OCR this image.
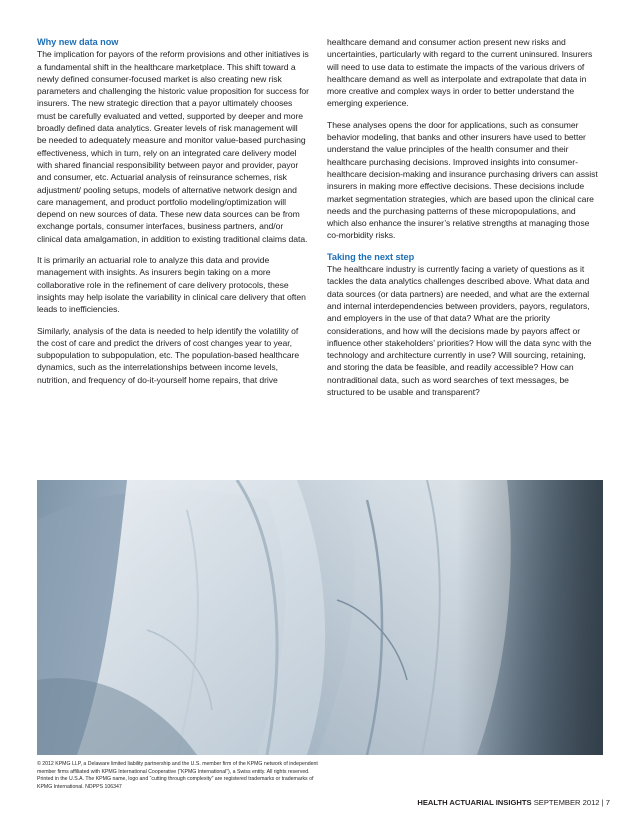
Why new data now

The implication for payors of the reform provisions and other initiatives is a fundamental shift in the healthcare marketplace. This shift toward a newly defined consumer-focused market is also creating new risk parameters and challenging the historic value proposition for success for insurers. The new strategic direction that a payor ultimately chooses must be carefully evaluated and vetted, supported by deeper and more broadly defined data analytics. Greater levels of risk management will be needed to adequately measure and monitor value-based purchasing effectiveness, which in turn, rely on an integrated care delivery model with shared financial responsibility between payor and provider, payor and consumer, etc. Actuarial analysis of reinsurance schemes, risk adjustment/ pooling setups, models of alternative network design and care management, and product portfolio modeling/optimization will depend on new sources of data. These new data sources can be from exchange portals, consumer interfaces, business partners, and/or clinical data amalgamation, in addition to existing traditional claims data.

It is primarily an actuarial role to analyze this data and provide management with insights. As insurers begin taking on a more collaborative role in the refinement of care delivery protocols, these insights may help isolate the variability in clinical care delivery that often leads to inefficiencies.

Similarly, analysis of the data is needed to help identify the volatility of the cost of care and predict the drivers of cost changes year to year, subpopulation to subpopulation, etc. The population-based healthcare dynamics, such as the interrelationships between income levels, nutrition, and frequency of do-it-yourself home repairs, that drive

healthcare demand and consumer action present new risks and uncertainties, particularly with regard to the current uninsured. Insurers will need to use data to estimate the impacts of the various drivers of healthcare demand as well as interpolate and extrapolate that data in more creative and complex ways in order to better understand the emerging experience.

These analyses opens the door for applications, such as consumer behavior modeling, that banks and other insurers have used to better understand the value principles of the health consumer and their healthcare purchasing decisions. Improved insights into consumer-healthcare decision-making and insurance purchasing drivers can assist insurers in making more effective decisions. These decisions include market segmentation strategies, which are based upon the clinical care needs and the purchasing patterns of these micropopulations, and which also enhance the insurer’s relative strengths at managing those co-morbidity risks.

Taking the next step

The healthcare industry is currently facing a variety of questions as it tackles the data analytics challenges described above. What data and data sources (or data partners) are needed, and what are the external and internal interdependencies between providers, payors, regulators, and employers in the use of that data? What are the priority considerations, and how will the decisions made by payors affect or influence other stakeholders’ priorities? How will the data sync with the technology and architecture currently in use? Will sourcing, retaining, and storing the data be feasible, and readily accessible? How can nontraditional data, such as word searches of text messages, be structured to be usable and transparent?

© 2012 KPMG LLP, a Delaware limited liability partnership and the U.S. member firm of the KPMG network of independent member firms affiliated with KPMG International Cooperative (“KPMG International”), a Swiss entity. All rights reserved. Printed in the U.S.A. The KPMG name, logo and “cutting through complexity” are registered trademarks or trademarks of KPMG International. NDPPS 106347
HEALTH ACTUARIAL INSIGHTS SEPTEMBER 2012 | 7
